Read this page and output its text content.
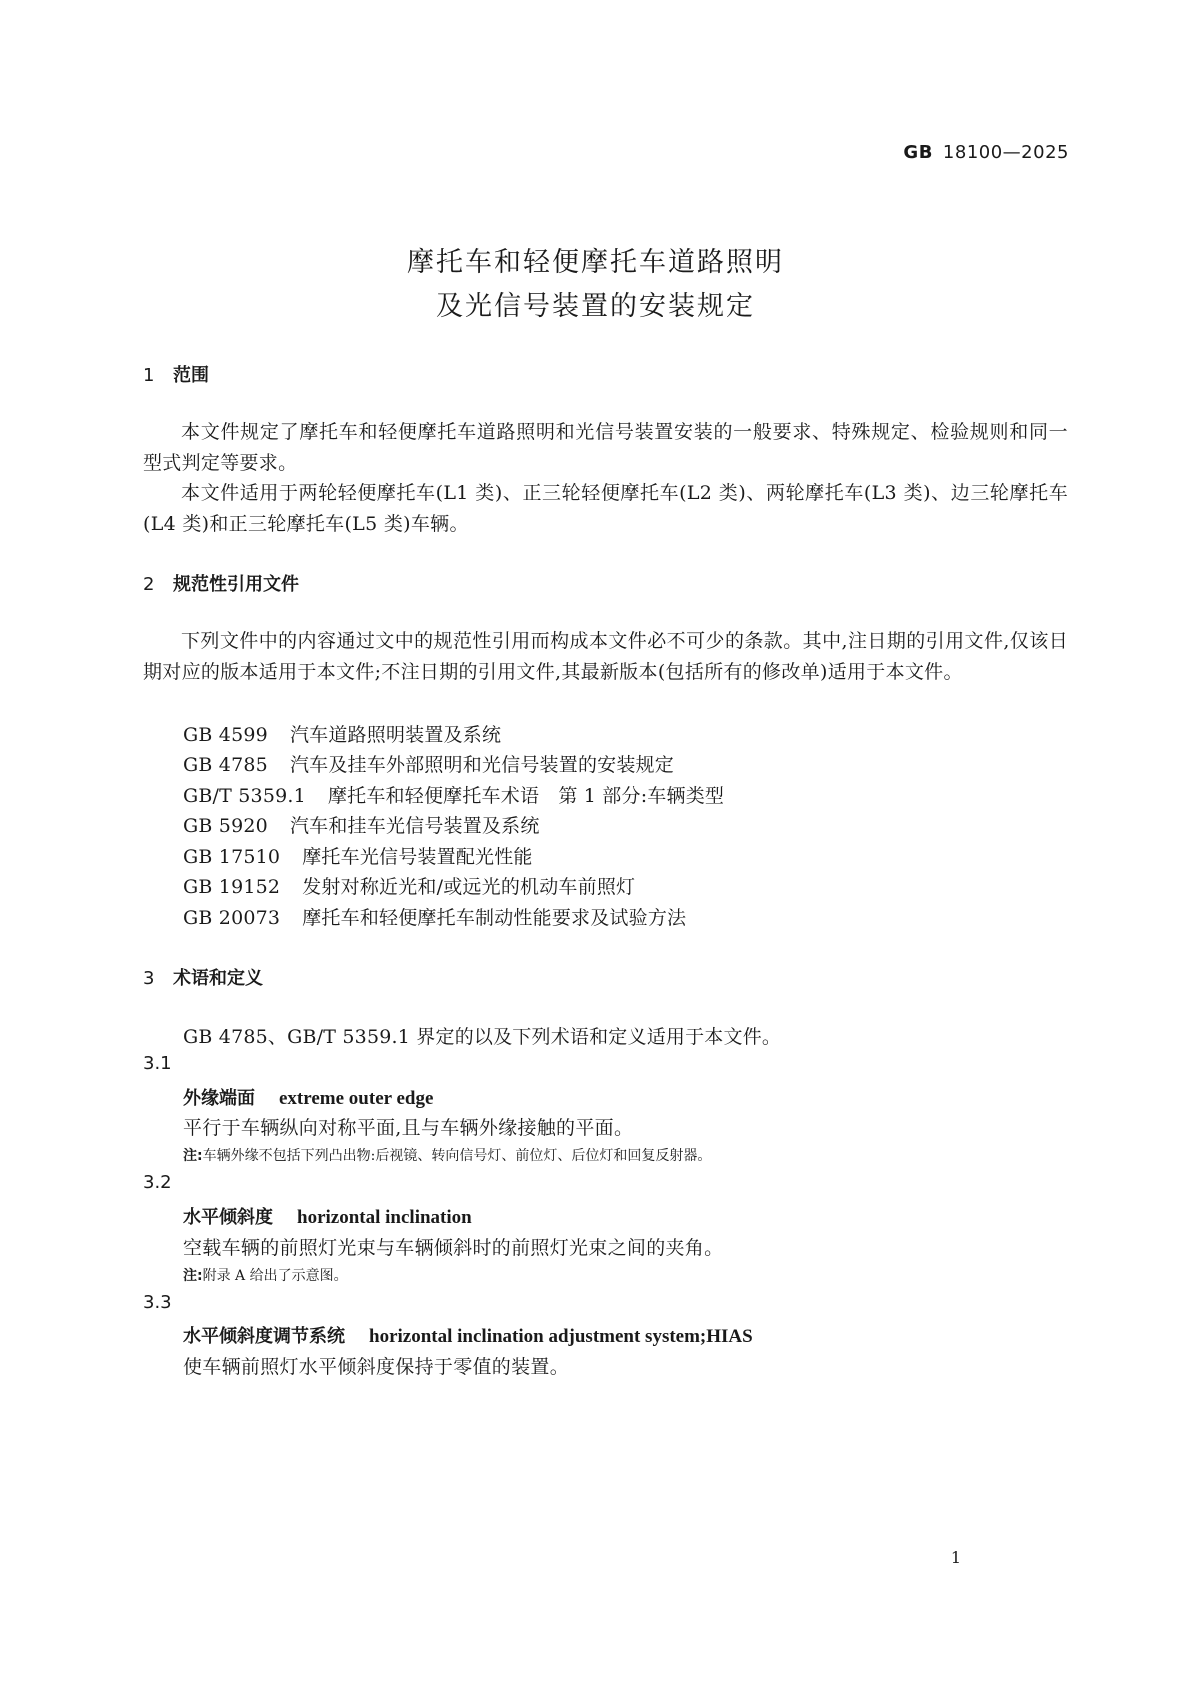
GB 18100—2025
摩托车和轻便摩托车道路照明
及光信号装置的安装规定
1 范围
本文件规定了摩托车和轻便摩托车道路照明和光信号装置安装的一般要求、特殊规定、检验规则和同一型式判定等要求。
本文件适用于两轮轻便摩托车(L1 类)、正三轮轻便摩托车(L2 类)、两轮摩托车(L3 类)、边三轮摩托车(L4 类)和正三轮摩托车(L5 类)车辆。
2 规范性引用文件
下列文件中的内容通过文中的规范性引用而构成本文件必不可少的条款。其中,注日期的引用文件,仅该日期对应的版本适用于本文件;不注日期的引用文件,其最新版本(包括所有的修改单)适用于本文件。
GB 4599 汽车道路照明装置及系统
GB 4785 汽车及挂车外部照明和光信号装置的安装规定
GB/T 5359.1 摩托车和轻便摩托车术语　第 1 部分:车辆类型
GB 5920 汽车和挂车光信号装置及系统
GB 17510 摩托车光信号装置配光性能
GB 19152 发射对称近光和/或远光的机动车前照灯
GB 20073 摩托车和轻便摩托车制动性能要求及试验方法
3 术语和定义
GB 4785、GB/T 5359.1 界定的以及下列术语和定义适用于本文件。
3.1
外缘端面 extreme outer edge
平行于车辆纵向对称平面,且与车辆外缘接触的平面。
注:车辆外缘不包括下列凸出物:后视镜、转向信号灯、前位灯、后位灯和回复反射器。
3.2
水平倾斜度 horizontal inclination
空载车辆的前照灯光束与车辆倾斜时的前照灯光束之间的夹角。
注:附录 A 给出了示意图。
3.3
水平倾斜度调节系统 horizontal inclination adjustment system;HIAS
使车辆前照灯水平倾斜度保持于零值的装置。
1
